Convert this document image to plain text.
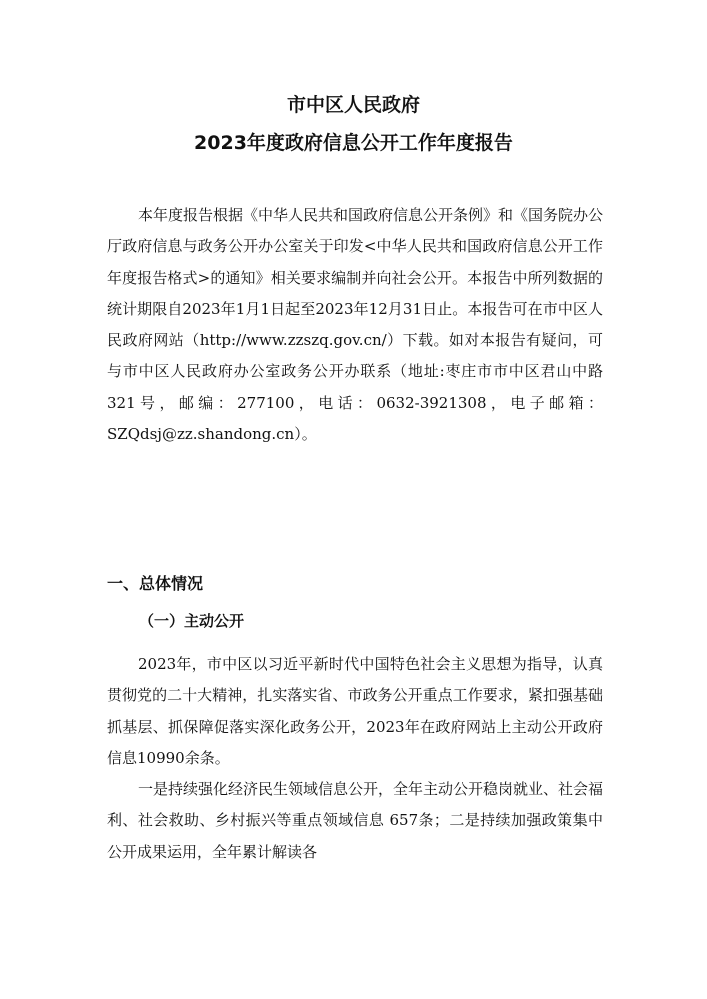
市中区人民政府
2023年度政府信息公开工作年度报告

本年度报告根据《中华人民共和国政府信息公开条例》和《国务院办公厅政府信息与政务公开办公室关于印发<中华人民共和国政府信息公开工作年度报告格式>的通知》相关要求编制并向社会公开。本报告中所列数据的统计期限自2023年1月1日起至2023年12月31日止。本报告可在市中区人民政府网站（http://www.zzszq.gov.cn/）下载。如对本报告有疑问，可与市中区人民政府办公室政务公开办联系（地址:枣庄市市中区君山中路321号，邮编：277100，电话：0632-3921308，电子邮箱：SZQdsj@zz.shandong.cn）。

一、总体情况
（一）主动公开

2023年，市中区以习近平新时代中国特色社会主义思想为指导，认真贯彻党的二十大精神，扎实落实省、市政务公开重点工作要求，紧扣强基础抓基层、抓保障促落实深化政务公开，2023年在政府网站上主动公开政府信息10990余条。

一是持续强化经济民生领域信息公开，全年主动公开稳岗就业、社会福利、社会救助、乡村振兴等重点领域信息 657条；二是持续加强政策集中公开成果运用，全年累计解读各
